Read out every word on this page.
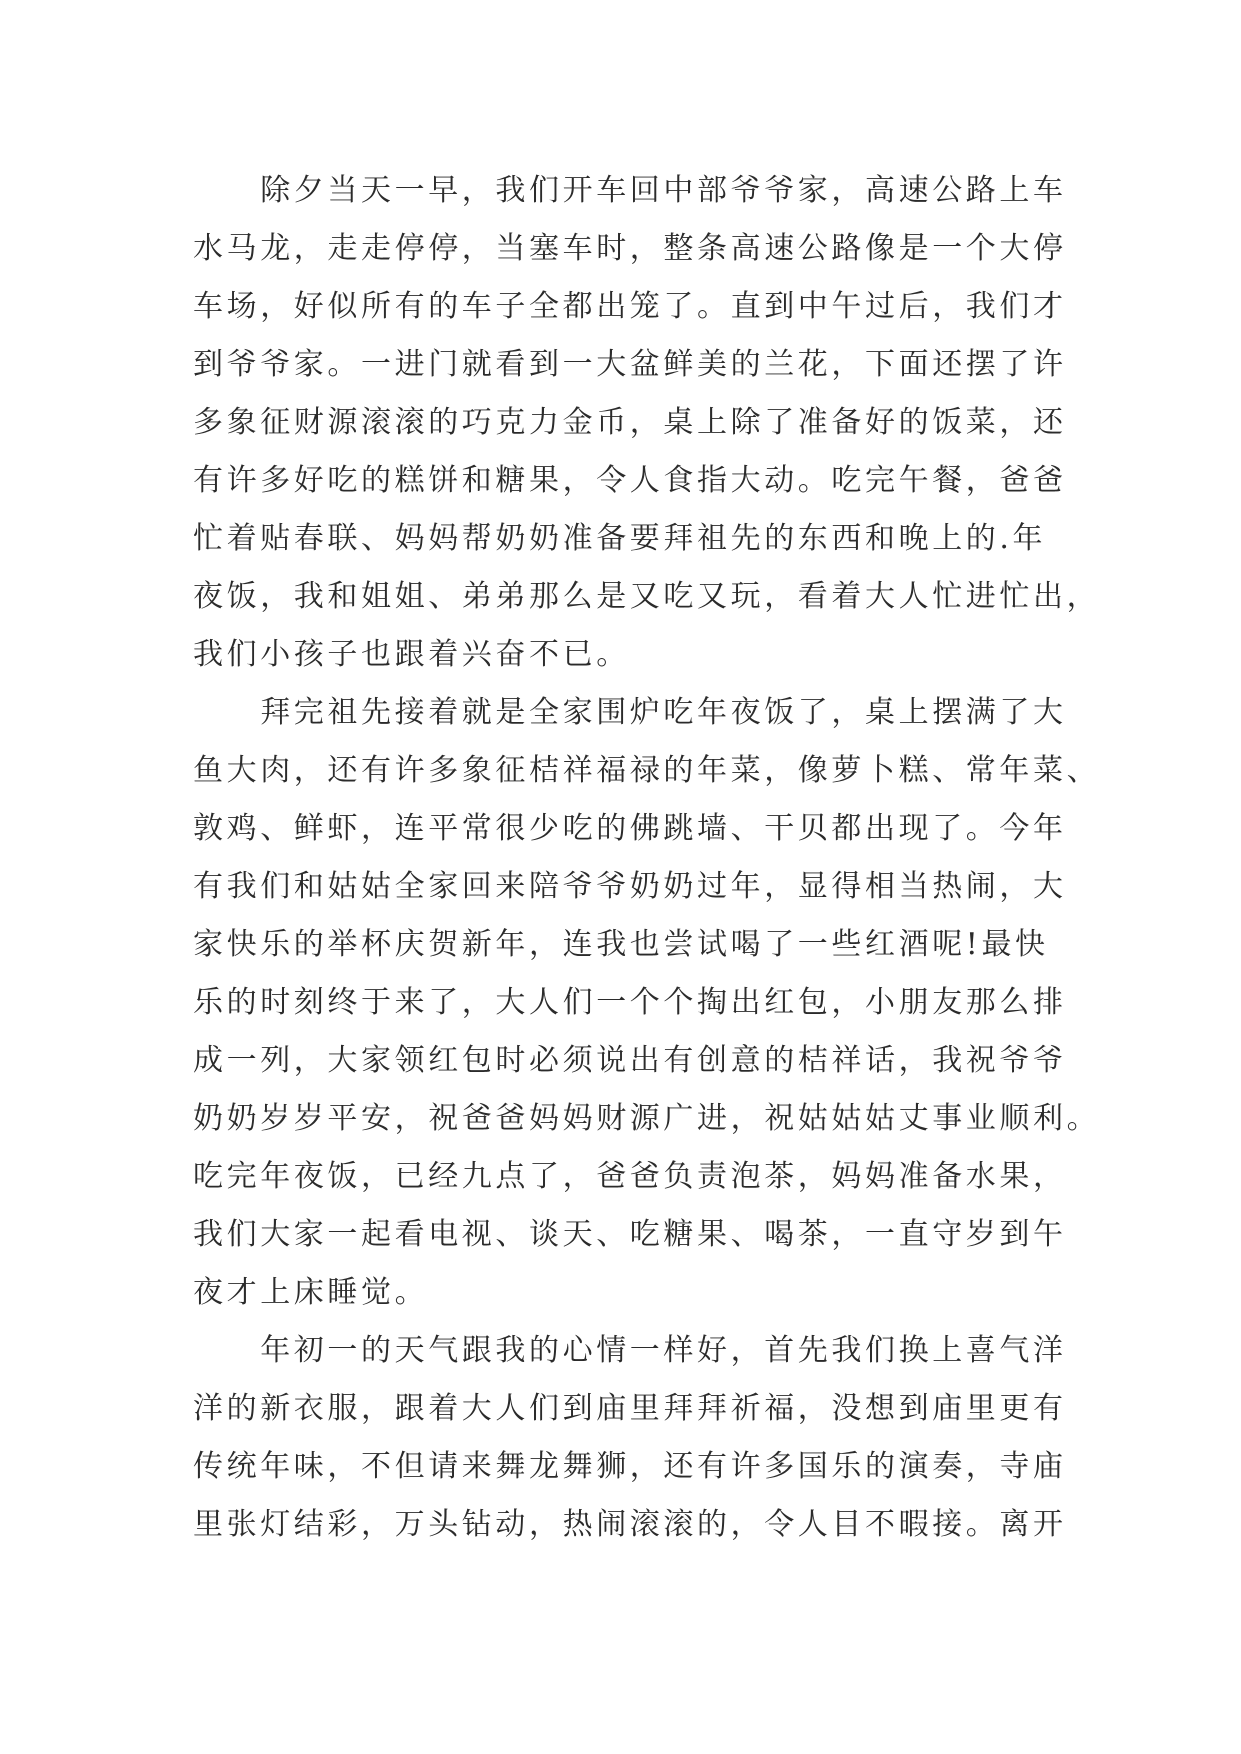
　　除夕当天一早，我们开车回中部爷爷家，高速公路上车
水马龙，走走停停，当塞车时，整条高速公路像是一个大停
车场，好似所有的车子全都出笼了。直到中午过后，我们才
到爷爷家。一进门就看到一大盆鲜美的兰花，下面还摆了许
多象征财源滚滚的巧克力金币，桌上除了准备好的饭菜，还
有许多好吃的糕饼和糖果，令人食指大动。吃完午餐，爸爸
忙着贴春联、妈妈帮奶奶准备要拜祖先的东西和晚上的.年
夜饭，我和姐姐、弟弟那么是又吃又玩，看着大人忙进忙出，
我们小孩子也跟着兴奋不已。
　　拜完祖先接着就是全家围炉吃年夜饭了，桌上摆满了大
鱼大肉，还有许多象征桔祥福禄的年菜，像萝卜糕、常年菜、
敦鸡、鲜虾，连平常很少吃的佛跳墙、干贝都出现了。今年
有我们和姑姑全家回来陪爷爷奶奶过年，显得相当热闹，大
家快乐的举杯庆贺新年，连我也尝试喝了一些红酒呢!最快
乐的时刻终于来了，大人们一个个掏出红包，小朋友那么排
成一列，大家领红包时必须说出有创意的桔祥话，我祝爷爷
奶奶岁岁平安，祝爸爸妈妈财源广进，祝姑姑姑丈事业顺利。
吃完年夜饭，已经九点了，爸爸负责泡茶，妈妈准备水果，
我们大家一起看电视、谈天、吃糖果、喝茶，一直守岁到午
夜才上床睡觉。
　　年初一的天气跟我的心情一样好，首先我们换上喜气洋
洋的新衣服，跟着大人们到庙里拜拜祈福，没想到庙里更有
传统年味，不但请来舞龙舞狮，还有许多国乐的演奏，寺庙
里张灯结彩，万头钻动，热闹滚滚的，令人目不暇接。离开
